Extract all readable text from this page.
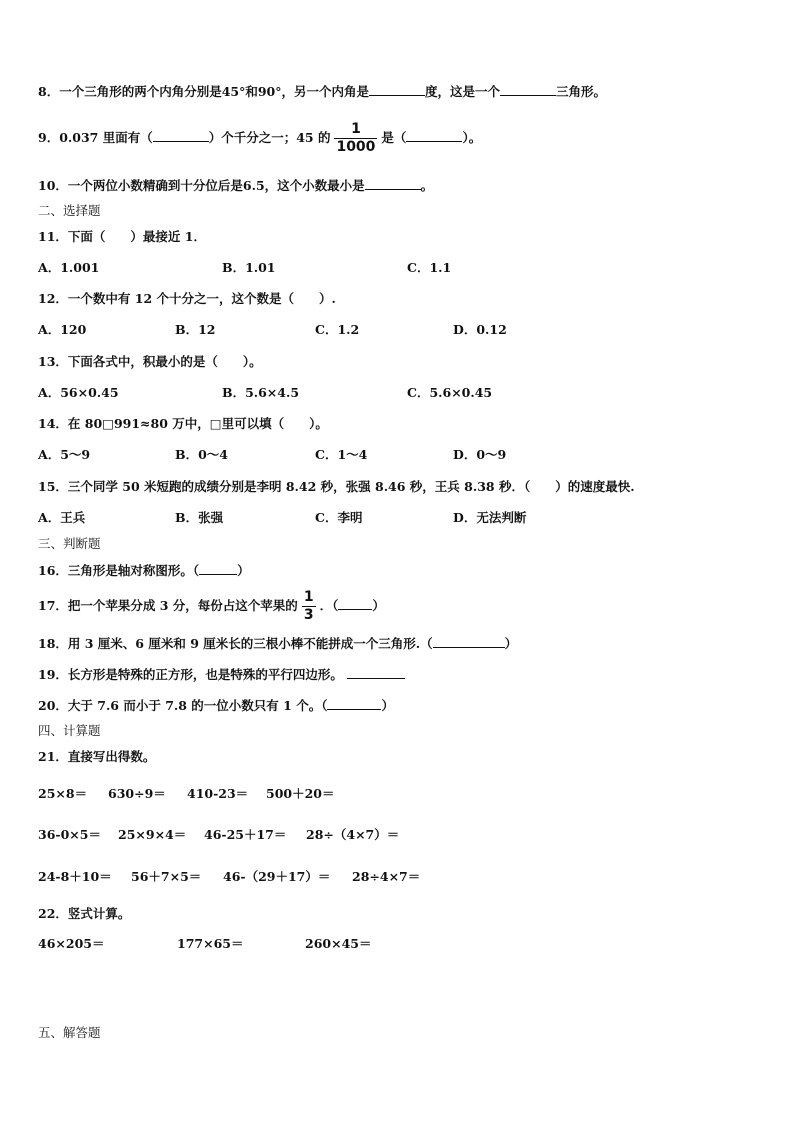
8．一个三角形的两个内角分别是45°和90°，另一个内角是	度，这是一个	三角形。
9．0.037 里面有（	）个千分之一；45 的 $\frac{1}{1000}$ 是（	）。
10．一个两位小数精确到十分位后是6.5，这个小数最小是	。
二、选择题
11．下面（　　）最接近 1．
A．1.001	B．1.01	C．1.1
12．一个数中有 12 个十分之一，这个数是（　　）.
A．120	B．12	C．1.2	D．0.12
13．下面各式中，积最小的是（　　）。
A．56×0.45	B．5.6×4.5	C．5.6×0.45
14．在 80□991≈80 万中，□里可以填（　　）。
A．5～9	B．0～4	C．1～4	D．0～9
15．三个同学 50 米短跑的成绩分别是李明 8.42 秒，张强 8.46 秒，王兵 8.38 秒．（　　）的速度最快.
A．王兵	B．张强	C．李明	D．无法判断
三、判断题
16．三角形是轴对称图形。（	）
17．把一个苹果分成 3 分，每份占这个苹果的 $\frac{1}{3}$ ．（	）
18．用 3 厘米、6 厘米和 9 厘米长的三根小棒不能拼成一个三角形.（	）
19．长方形是特殊的正方形，也是特殊的平行四边形。
20．大于 7.6 而小于 7.8 的一位小数只有 1 个。（	）
四、计算题
21．直接写出得数。
25×8＝ 630÷9＝ 410-23＝ 500＋20＝
36-0×5＝ 25×9×4＝ 46-25＋17＝ 28÷（4×7）＝
24-8＋10＝ 56＋7×5＝ 46-（29＋17）＝ 28÷4×7＝
22．竖式计算。
46×205＝	177×65＝	260×45＝
五、解答题
